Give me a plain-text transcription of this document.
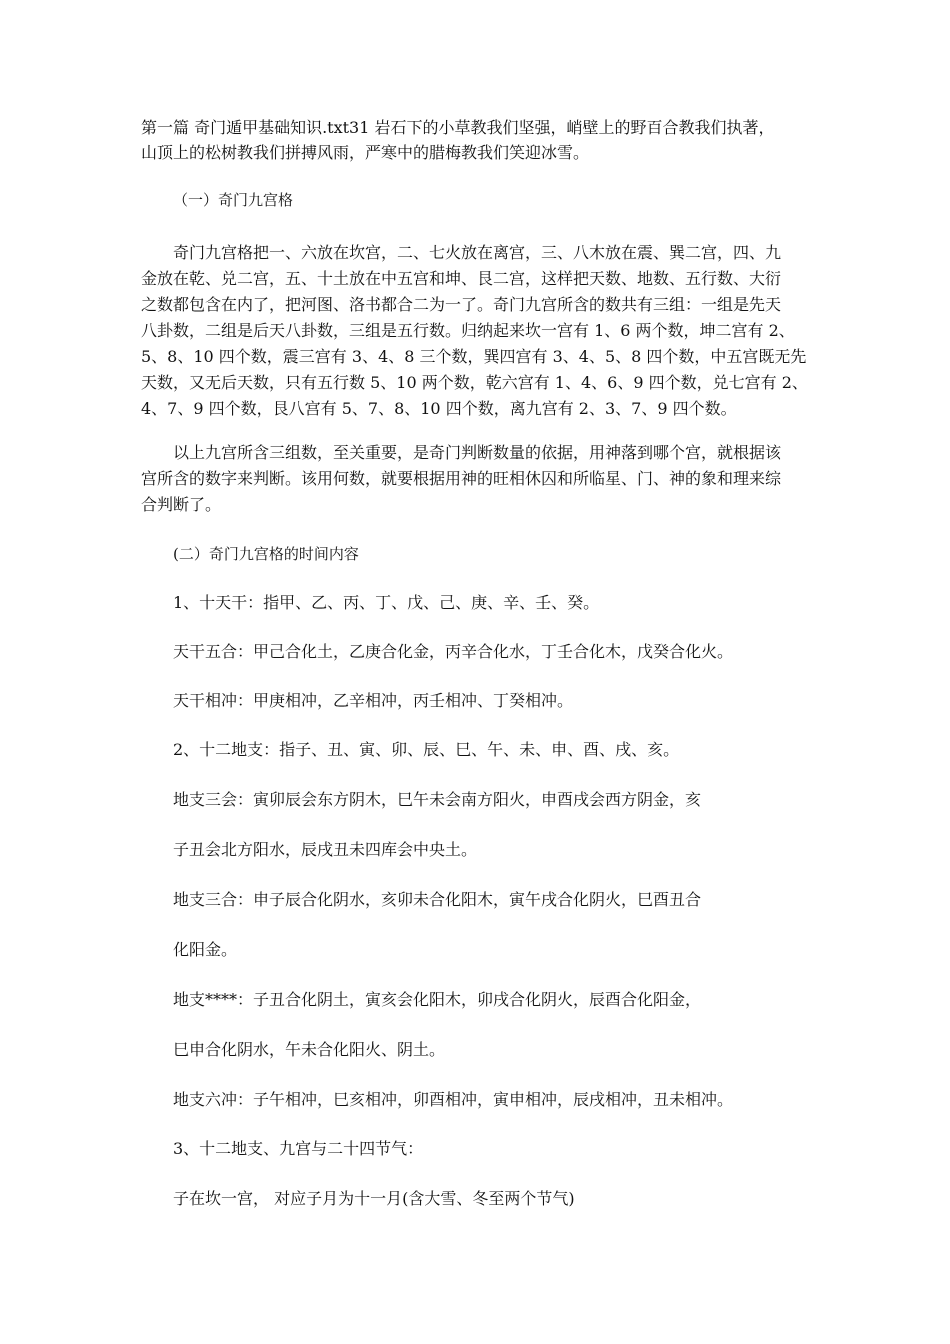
第一篇 奇门遁甲基础知识.txt31 岩石下的小草教我们坚强，峭壁上的野百合教我们执著，
山顶上的松树教我们拼搏风雨，严寒中的腊梅教我们笑迎冰雪。
（一）奇门九宫格
奇门九宫格把一、六放在坎宫，二、七火放在离宫，三、八木放在震、巽二宫，四、九
金放在乾、兑二宫，五、十土放在中五宫和坤、艮二宫，这样把天数、地数、五行数、大衍
之数都包含在内了，把河图、洛书都合二为一了。奇门九宫所含的数共有三组：一组是先天
八卦数，二组是后天八卦数，三组是五行数。归纳起来坎一宫有 1、6 两个数，坤二宫有 2、
5、8、10 四个数，震三宫有 3、4、8 三个数，巽四宫有 3、4、5、8 四个数，中五宫既无先
天数，又无后天数，只有五行数 5、10 两个数，乾六宫有 1、4、6、9 四个数，兑七宫有 2、
4、7、9 四个数，艮八宫有 5、7、8、10 四个数，离九宫有 2、3、7、9 四个数。
以上九宫所含三组数，至关重要，是奇门判断数量的依据，用神落到哪个宫，就根据该
宫所含的数字来判断。该用何数，就要根据用神的旺相休囚和所临星、门、神的象和理来综
合判断了。
(二）奇门九宫格的时间内容
1、十天干：指甲、乙、丙、丁、戊、己、庚、辛、壬、癸。
天干五合：甲己合化土，乙庚合化金，丙辛合化水，丁壬合化木，戊癸合化火。
天干相冲：甲庚相冲，乙辛相冲，丙壬相冲、丁癸相冲。
2、十二地支：指子、丑、寅、卯、辰、巳、午、未、申、酉、戌、亥。
地支三会：寅卯辰会东方阴木，巳午未会南方阳火，申酉戌会西方阴金，亥
子丑会北方阳水，辰戌丑未四库会中央土。
地支三合：申子辰合化阴水，亥卯未合化阳木，寅午戌合化阴火，巳酉丑合
化阳金。
地支****：子丑合化阴土，寅亥会化阳木，卯戌合化阴火，辰酉合化阳金，
巳申合化阴水，午未合化阳火、阴土。
地支六冲：子午相冲，巳亥相冲，卯酉相冲，寅申相冲，辰戌相冲，丑未相冲。
3、十二地支、九宫与二十四节气：
子在坎一宫， 对应子月为十一月(含大雪、冬至两个节气)
